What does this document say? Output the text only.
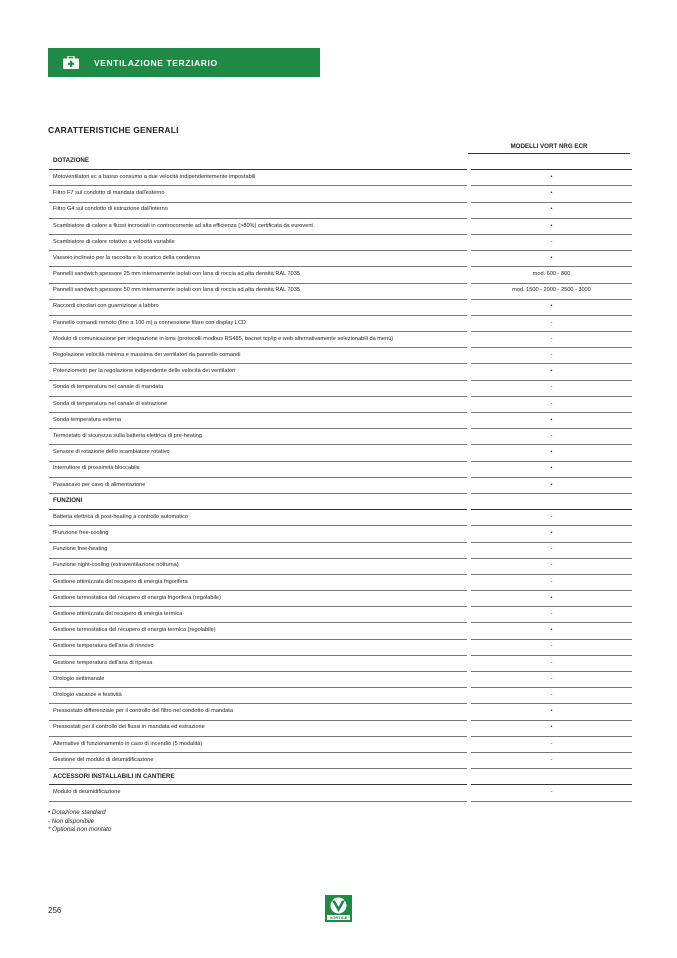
VENTILAZIONE TERZIARIO
CARATTERISTICHE GENERALI
MODELLI VORT NRG ECR
DOTAZIONE		
Motoventilatori ec a basso consumo a due velocità indipendentemente impostabili		•
Filtro F7 sul condotto di mandata dall'esterno		•
Filtro G4 sul condotto di estrazione dall'interno		•
Scambiatore di calore a flussi incrociati in controcorrente ad alta efficienza (>80%) certificata da eurovent		•
Scambiatore di calore rotativo a velocità variabile		-
Vassoio inclinato per la raccolta e lo scarico della condensa		•
Pannelli sandwich spessore 25 mm internamente isolati con lana di roccia ad alta densità RAL 7035		mod. 600 - 800
Pannelli sandwich spessore 50 mm internamente isolati con lana di roccia ad alta densità RAL 7035		mod. 1500 - 2000 - 2500 - 3000
Raccordi circolari con guarnizione a labbro		•
Pannello comandi remoto (fino a 100 m) a connessione filare con display LCD		-
Modulo di comunicazione per integrazione in bms (protocolli modbus RS485, bacnet tcp/ip e web alternativamente selezionabili da menù)		-
Regolazione velocità minima e massima dei ventilatori da pannello comandi		-
Potenziometri per la regolazione indipendente delle velocità dei ventilatori		•
Sonda di temperatura nel canale di mandata		-
Sonda di temperatura nel canale di estrazione		-
Sonda temperatura esterna		•
Termostato di sicurezza sulla batteria elettrica di pre-heating		-
Sensore di rotazione dello scambiatore rotativo		•
Interruttore di prossimità bloccabile		•
Passacavo per cavo di alimentazione		•
FUNZIONI		
Batteria elettrica di post-heating a controllo automatico		-
fFunzione free-cooling		•
Funzione free-heating		-
Funzione night-cooling (extraventilazione notturna)		-
Gestione ottimizzata del recupero di energia frigorifera		-
Gestione termostatica del recupero di energia frigorifera (regolabile)		•
Gestione ottimizzata del recupero di energia termica		-
Gestione termostatica del recupero di energia termica (regolabile)		•
Gestione temperatura dell'aria di rinnovo		-
Gestione temperatura dell'aria di ripresa		-
Orologio settimanale		-
Orologio vacanze e festività		-
Pressostato differenziale per il controllo del filtro nel condotto di mandata		•
Pressostati per il controllo dei flussi in mandata ed estrazione		•
Alternative di funzionamento in caso di incendio (5 modalità)		-
Gestione del modulo di deumidificazione		-
ACCESSORI INSTALLABILI IN CANTIERE		
Modulo di deumidificazione		-
• Dotazione standard
- Non disponibile
* Optional non montato
256
VORTICE
